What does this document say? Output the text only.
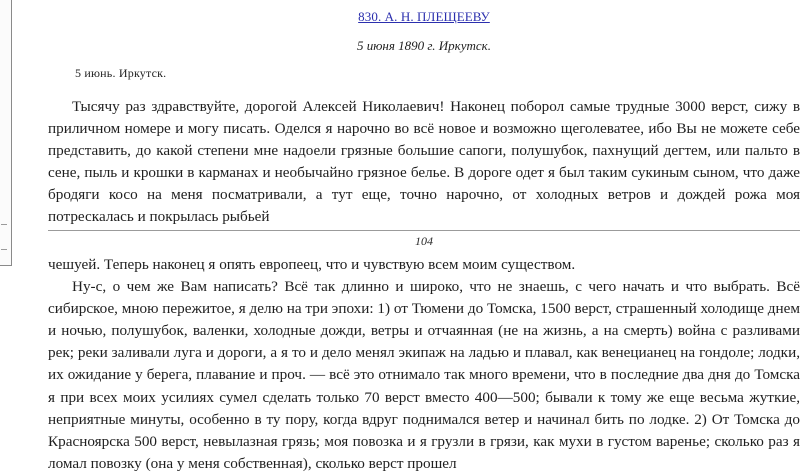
830. А. Н. ПЛЕЩЕЕВУ
5 июня 1890 г. Иркутск.
5 июнь. Иркутск.

Тысячу раз здравствуйте, дорогой Алексей Николаевич! Наконец поборол самые трудные 3000 верст, сижу в приличном номере и могу писать. Оделся я нарочно во всё новое и возможно щеголеватее, ибо Вы не можете себе представить, до какой степени мне надоели грязные большие сапоги, полушубок, пахнущий дегтем, или пальто в сене, пыль и крошки в карманах и необычайно грязное белье. В дороге одет я был таким сукиным сыном, что даже бродяги косо на меня посматривали, а тут еще, точно нарочно, от холодных ветров и дождей рожа моя потрескалась и покрылась рыбьей

104

чешуей. Теперь наконец я опять европеец, что и чувствую всем моим существом.

Ну-с, о чем же Вам написать? Всё так длинно и широко, что не знаешь, с чего начать и что выбрать. Всё сибирское, мною пережитое, я делю на три эпохи: 1) от Тюмени до Томска, 1500 верст, страшенный холодище днем и ночью, полушубок, валенки, холодные дожди, ветры и отчаянная (не на жизнь, а на смерть) война с разливами рек; реки заливали луга и дороги, а я то и дело менял экипаж на ладью и плавал, как венецианец на гондоле; лодки, их ожидание у берега, плавание и проч. — всё это отнимало так много времени, что в последние два дня до Томска я при всех моих усилиях сумел сделать только 70 верст вместо 400—500; бывали к тому же еще весьма жуткие, неприятные минуты, особенно в ту пору, когда вдруг поднимался ветер и начинал бить по лодке. 2) От Томска до Красноярска 500 верст, невылазная грязь; моя повозка и я грузли в грязи, как мухи в густом варенье; сколько раз я ломал повозку (она у меня собственная), сколько верст прошел
